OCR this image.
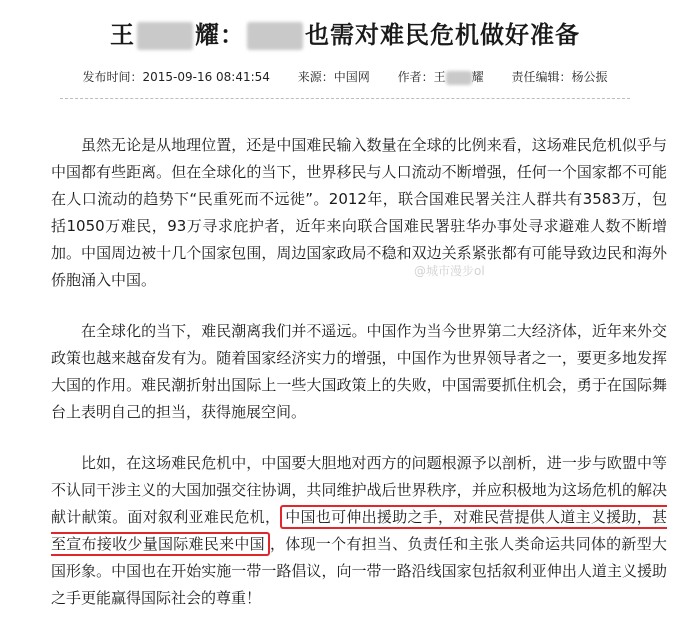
王	耀：	也需对难民危机做好准备
发布时间：2015-09-16 08:41:54 来源：中国网 作者：王 耀 责任编辑：杨公振

虽然无论是从地理位置，还是中国难民输入数量在全球的比例来看，这场难民危机似乎与中国都有些距离。但在全球化的当下，世界移民与人口流动不断增强，任何一个国家都不可能在人口流动的趋势下“民重死而不远徙”。2012年，联合国难民署关注人群共有3583万，包括1050万难民，93万寻求庇护者，近年来向联合国难民署驻华办事处寻求避难人数不断增加。中国周边被十几个国家包围，周边国家政局不稳和双边关系紧张都有可能导致边民和海外侨胞涌入中国。

在全球化的当下，难民潮离我们并不遥远。中国作为当今世界第二大经济体，近年来外交政策也越来越奋发有为。随着国家经济实力的增强，中国作为世界领导者之一，要更多地发挥大国的作用。难民潮折射出国际上一些大国政策上的失败，中国需要抓住机会，勇于在国际舞台上表明自己的担当，获得施展空间。

比如，在这场难民危机中，中国要大胆地对西方的问题根源予以剖析，进一步与欧盟中等不认同干涉主义的大国加强交往协调，共同维护战后世界秩序，并应积极地为这场危机的解决献计献策。面对叙利亚难民危机， 中国也可伸出援助之手，对难民营提供人道主义援助，甚至宣布接收少量国际难民来中国 ，体现一个有担当、负责任和主张人类命运共同体的新型大国形象。中国也在开始实施一带一路倡议，向一带一路沿线国家包括叙利亚伸出人道主义援助之手更能赢得国际社会的尊重！

@城市漫步ol
